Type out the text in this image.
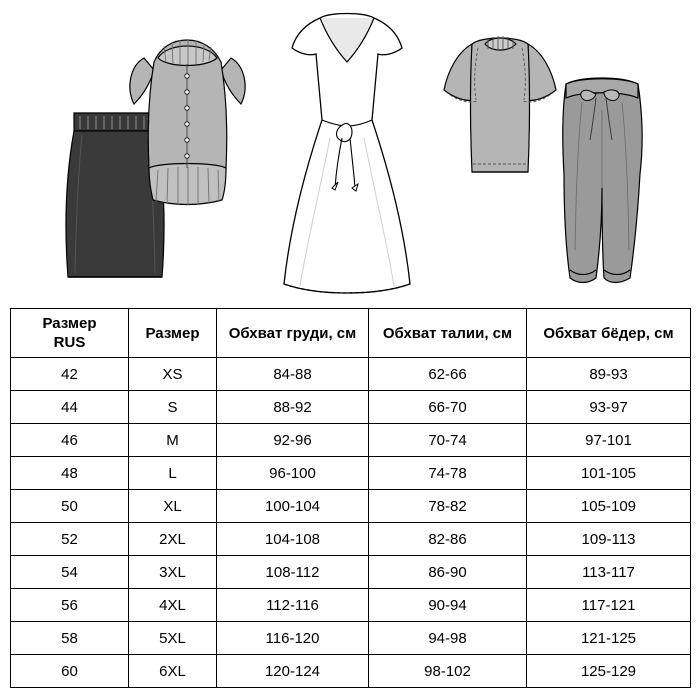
Размер
RUS	Размер	Обхват груди, см	Обхват талии, см	Обхват бёдер, см
42	XS	84-88	62-66	89-93
44	S	88-92	66-70	93-97
46	M	92-96	70-74	97-101
48	L	96-100	74-78	101-105
50	XL	100-104	78-82	105-109
52	2XL	104-108	82-86	109-113
54	3XL	108-112	86-90	113-117
56	4XL	112-116	90-94	117-121
58	5XL	116-120	94-98	121-125
60	6XL	120-124	98-102	125-129
